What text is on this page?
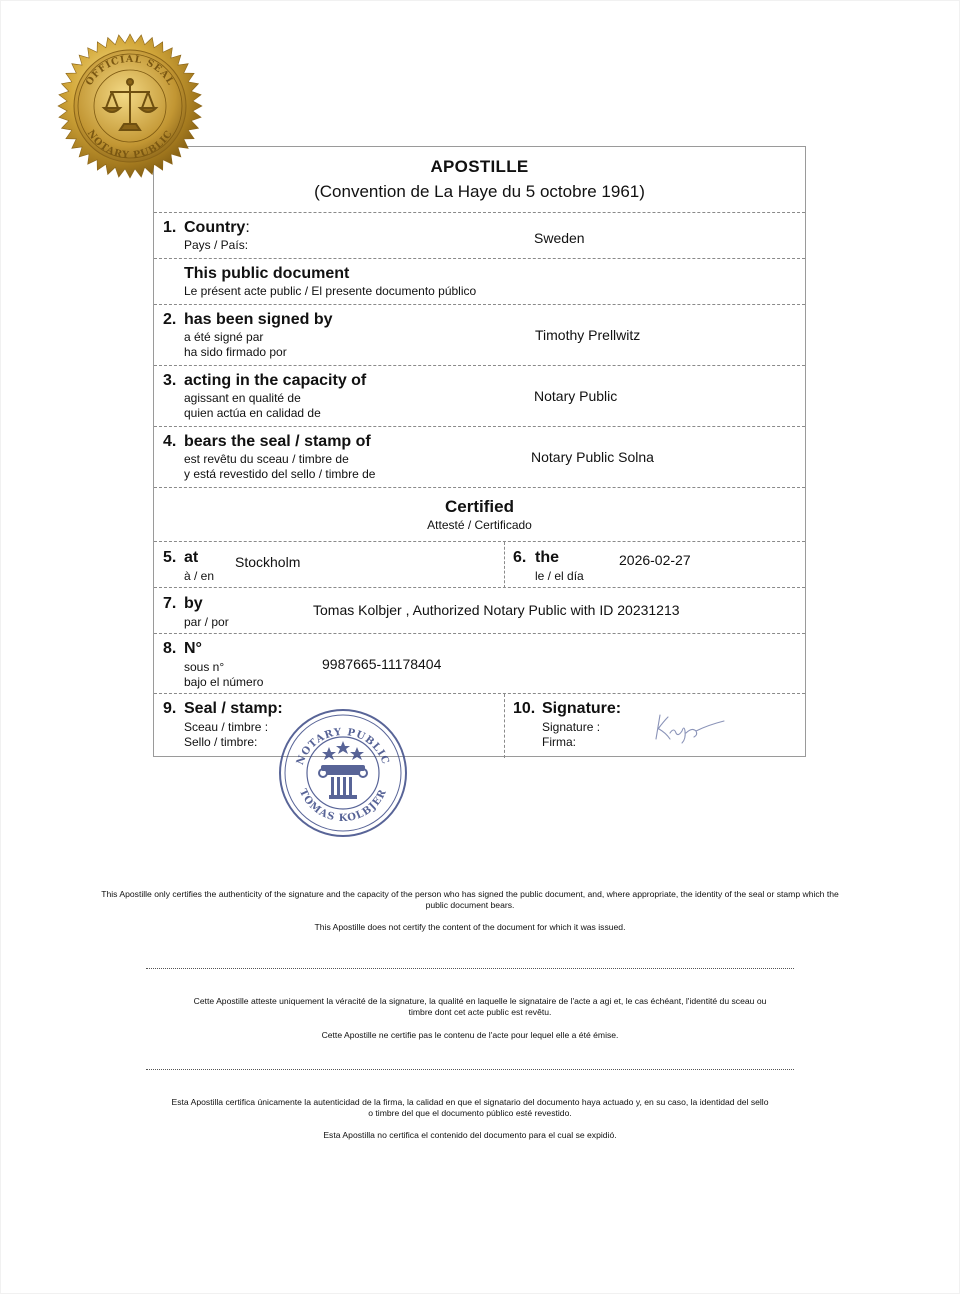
OFFICIAL SEAL
NOTARY PUBLIC
APOSTILLE
(Convention de La Haye du 5 octobre 1961)
1. Country:
Pays / País:	Sweden
This public document
Le présent acte public / El presente documento público
2. has been signed by
a été signé par
ha sido firmado por
Timothy Prellwitz
3. acting in the capacity of
agissant en qualité de
quien actúa en calidad de
Notary Public
4. bears the seal / stamp of
est revêtu du sceau / timbre de
y está revestido del sello / timbre de
Notary Public Solna
Certified
Attesté / Certificado
5. at
à / en
Stockholm	6. the
le / el día
2026-02-27
7. by
par / por
Tomas Kolbjer , Authorized Notary Public with ID 20231213
8. N°
sous n°
bajo el número
9987665-11178404
9. Seal / stamp:
Sceau / timbre :
Sello / timbre:
10. Signature:
Signature :
Firma:
NOTARY PUBLIC
TOMAS KOLBJER
This Apostille only certifies the authenticity of the signature and the capacity of the person who has signed the public document, and, where appropriate, the identity of the seal or stamp which the public document bears.
This Apostille does not certify the content of the document for which it was issued.
Cette Apostille atteste uniquement la véracité de la signature, la qualité en laquelle le signataire de l'acte a agi et, le cas échéant, l'identité du sceau ou timbre dont cet acte public est revêtu.
Cette Apostille ne certifie pas le contenu de l'acte pour lequel elle a été émise.
Esta Apostilla certifica únicamente la autenticidad de la firma, la calidad en que el signatario del documento haya actuado y, en su caso, la identidad del sello o timbre del que el documento público esté revestido.
Esta Apostilla no certifica el contenido del documento para el cual se expidió.
